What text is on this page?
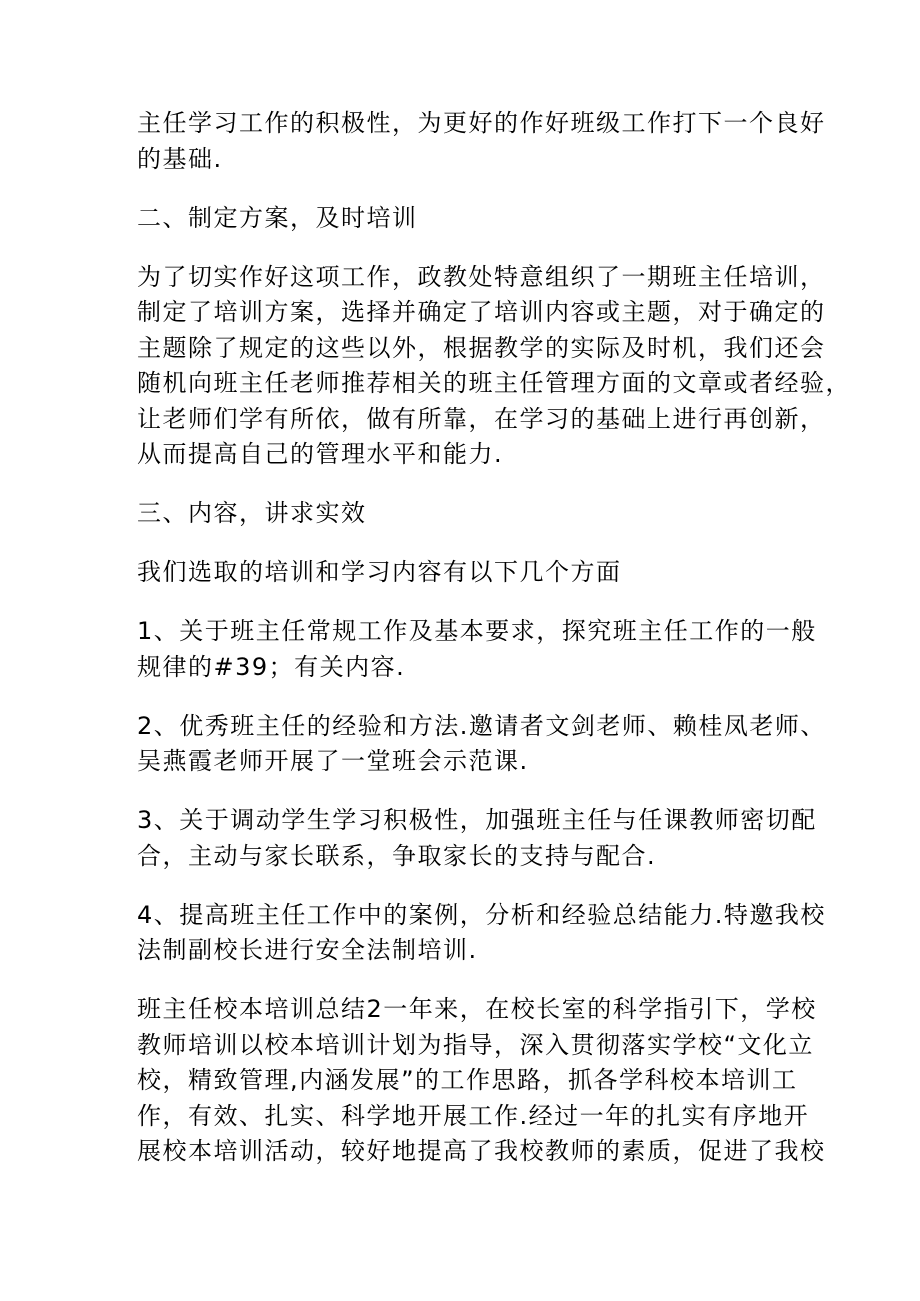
主任学习工作的积极性，为更好的作好班级工作打下一个良好
的基础.
二、制定方案，及时培训
为了切实作好这项工作，政教处特意组织了一期班主任培训，
制定了培训方案，选择并确定了培训内容或主题，对于确定的
主题除了规定的这些以外，根据教学的实际及时机，我们还会
随机向班主任老师推荐相关的班主任管理方面的文章或者经验，
让老师们学有所依，做有所靠，在学习的基础上进行再创新，
从而提高自己的管理水平和能力.
三、内容，讲求实效
我们选取的培训和学习内容有以下几个方面
1、关于班主任常规工作及基本要求，探究班主任工作的一般
规律的#39；有关内容.
2、优秀班主任的经验和方法.邀请者文剑老师、赖桂凤老师、
吴燕霞老师开展了一堂班会示范课.
3、关于调动学生学习积极性，加强班主任与任课教师密切配
合，主动与家长联系，争取家长的支持与配合.
4、提高班主任工作中的案例，分析和经验总结能力.特邀我校
法制副校长进行安全法制培训.
班主任校本培训总结2一年来，在校长室的科学指引下，学校
教师培训以校本培训计划为指导，深入贯彻落实学校“文化立
校，精致管理,内涵发展”的工作思路，抓各学科校本培训工
作，有效、扎实、科学地开展工作.经过一年的扎实有序地开
展校本培训活动，较好地提高了我校教师的素质，促进了我校
